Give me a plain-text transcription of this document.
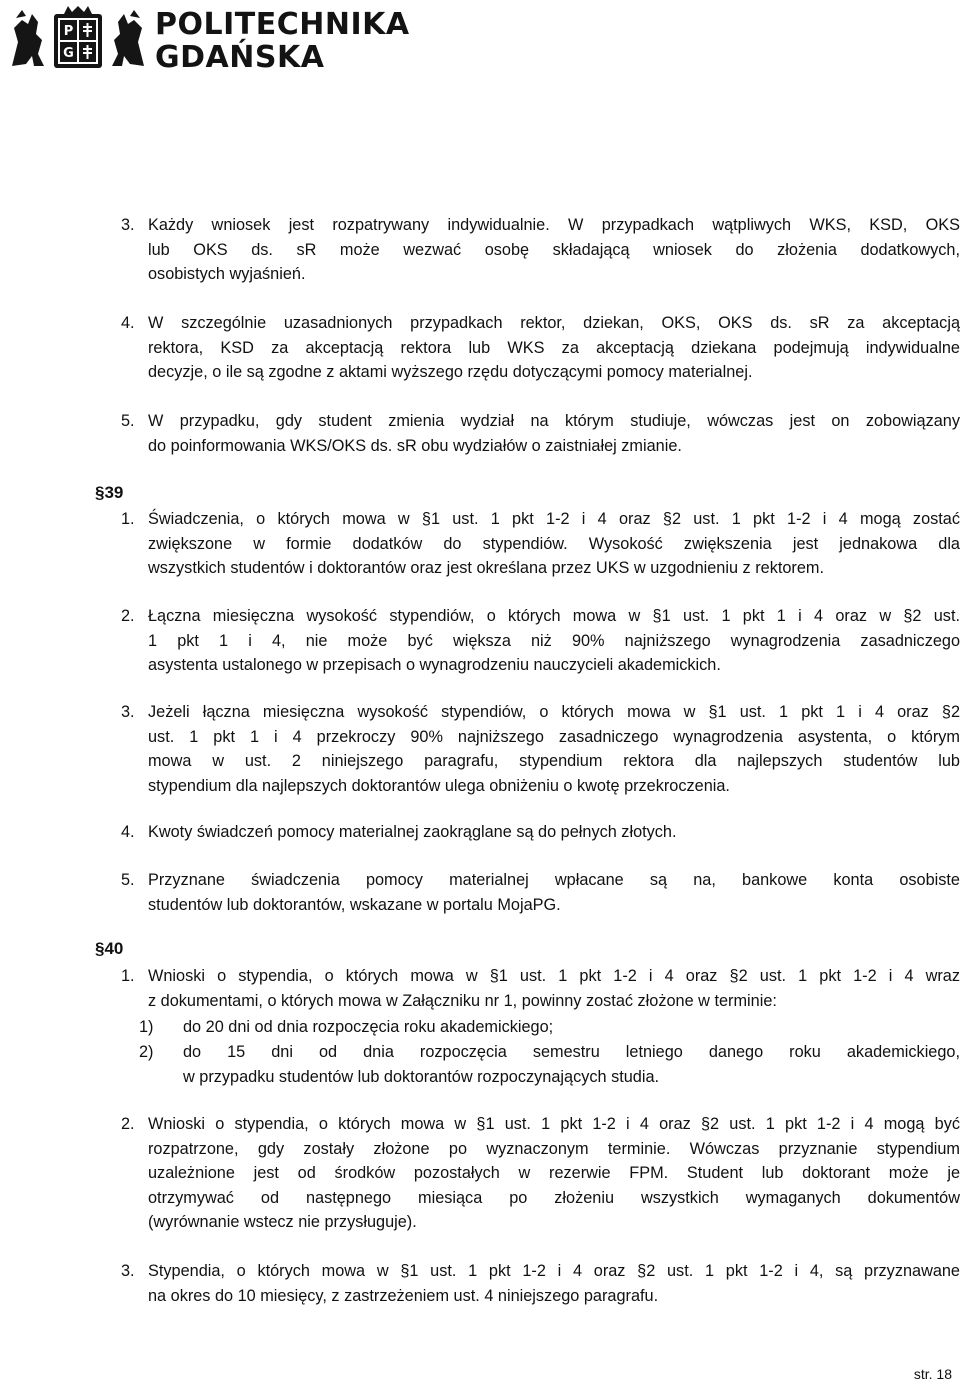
P
G
POLITECHNIKA
GDAŃSKA
3. Każdy wniosek jest rozpatrywany indywidualnie. W przypadkach wątpliwych WKS, KSD, OKS
lub OKS ds. sR może wezwać osobę składającą wniosek do złożenia dodatkowych,
osobistych wyjaśnień.
4. W szczególnie uzasadnionych przypadkach rektor, dziekan, OKS, OKS ds. sR za akceptacją
rektora, KSD za akceptacją rektora lub WKS za akceptacją dziekana podejmują indywidualne
decyzje, o ile są zgodne z aktami wyższego rzędu dotyczącymi pomocy materialnej.
5. W przypadku, gdy student zmienia wydział na którym studiuje, wówczas jest on zobowiązany
do poinformowania WKS/OKS ds. sR obu wydziałów o zaistniałej zmianie.
§39
1. Świadczenia, o których mowa w §1 ust. 1 pkt 1-2 i 4 oraz §2 ust. 1 pkt 1-2 i 4 mogą zostać
zwiększone w formie dodatków do stypendiów. Wysokość zwiększenia jest jednakowa dla
wszystkich studentów i doktorantów oraz jest określana przez UKS w uzgodnieniu z rektorem.
2. Łączna miesięczna wysokość stypendiów, o których mowa w §1 ust. 1 pkt 1 i 4 oraz w §2 ust.
1 pkt 1 i 4, nie może być większa niż 90% najniższego wynagrodzenia zasadniczego
asystenta ustalonego w przepisach o wynagrodzeniu nauczycieli akademickich.
3. Jeżeli łączna miesięczna wysokość stypendiów, o których mowa w §1 ust. 1 pkt 1 i 4 oraz §2
ust. 1 pkt 1 i 4 przekroczy 90% najniższego zasadniczego wynagrodzenia asystenta, o którym
mowa w ust. 2 niniejszego paragrafu, stypendium rektora dla najlepszych studentów lub
stypendium dla najlepszych doktorantów ulega obniżeniu o kwotę przekroczenia.
4. Kwoty świadczeń pomocy materialnej zaokrąglane są do pełnych złotych.
5. Przyznane świadczenia pomocy materialnej wpłacane są na, bankowe konta osobiste
studentów lub doktorantów, wskazane w portalu MojaPG.
§40
1. Wnioski o stypendia, o których mowa w §1 ust. 1 pkt 1-2 i 4 oraz §2 ust. 1 pkt 1-2 i 4 wraz
z dokumentami, o których mowa w Załączniku nr 1, powinny zostać złożone w terminie:
1) do 20 dni od dnia rozpoczęcia roku akademickiego;
2) do 15 dni od dnia rozpoczęcia semestru letniego danego roku akademickiego,
w przypadku studentów lub doktorantów rozpoczynających studia.
2. Wnioski o stypendia, o których mowa w §1 ust. 1 pkt 1-2 i 4 oraz §2 ust. 1 pkt 1-2 i 4 mogą być
rozpatrzone, gdy zostały złożone po wyznaczonym terminie. Wówczas przyznanie stypendium
uzależnione jest od środków pozostałych w rezerwie FPM. Student lub doktorant może je
otrzymywać od następnego miesiąca po złożeniu wszystkich wymaganych dokumentów
(wyrównanie wstecz nie przysługuje).
3. Stypendia, o których mowa w §1 ust. 1 pkt 1-2 i 4 oraz §2 ust. 1 pkt 1-2 i 4, są przyznawane
na okres do 10 miesięcy, z zastrzeżeniem ust. 4 niniejszego paragrafu.
str. 18
